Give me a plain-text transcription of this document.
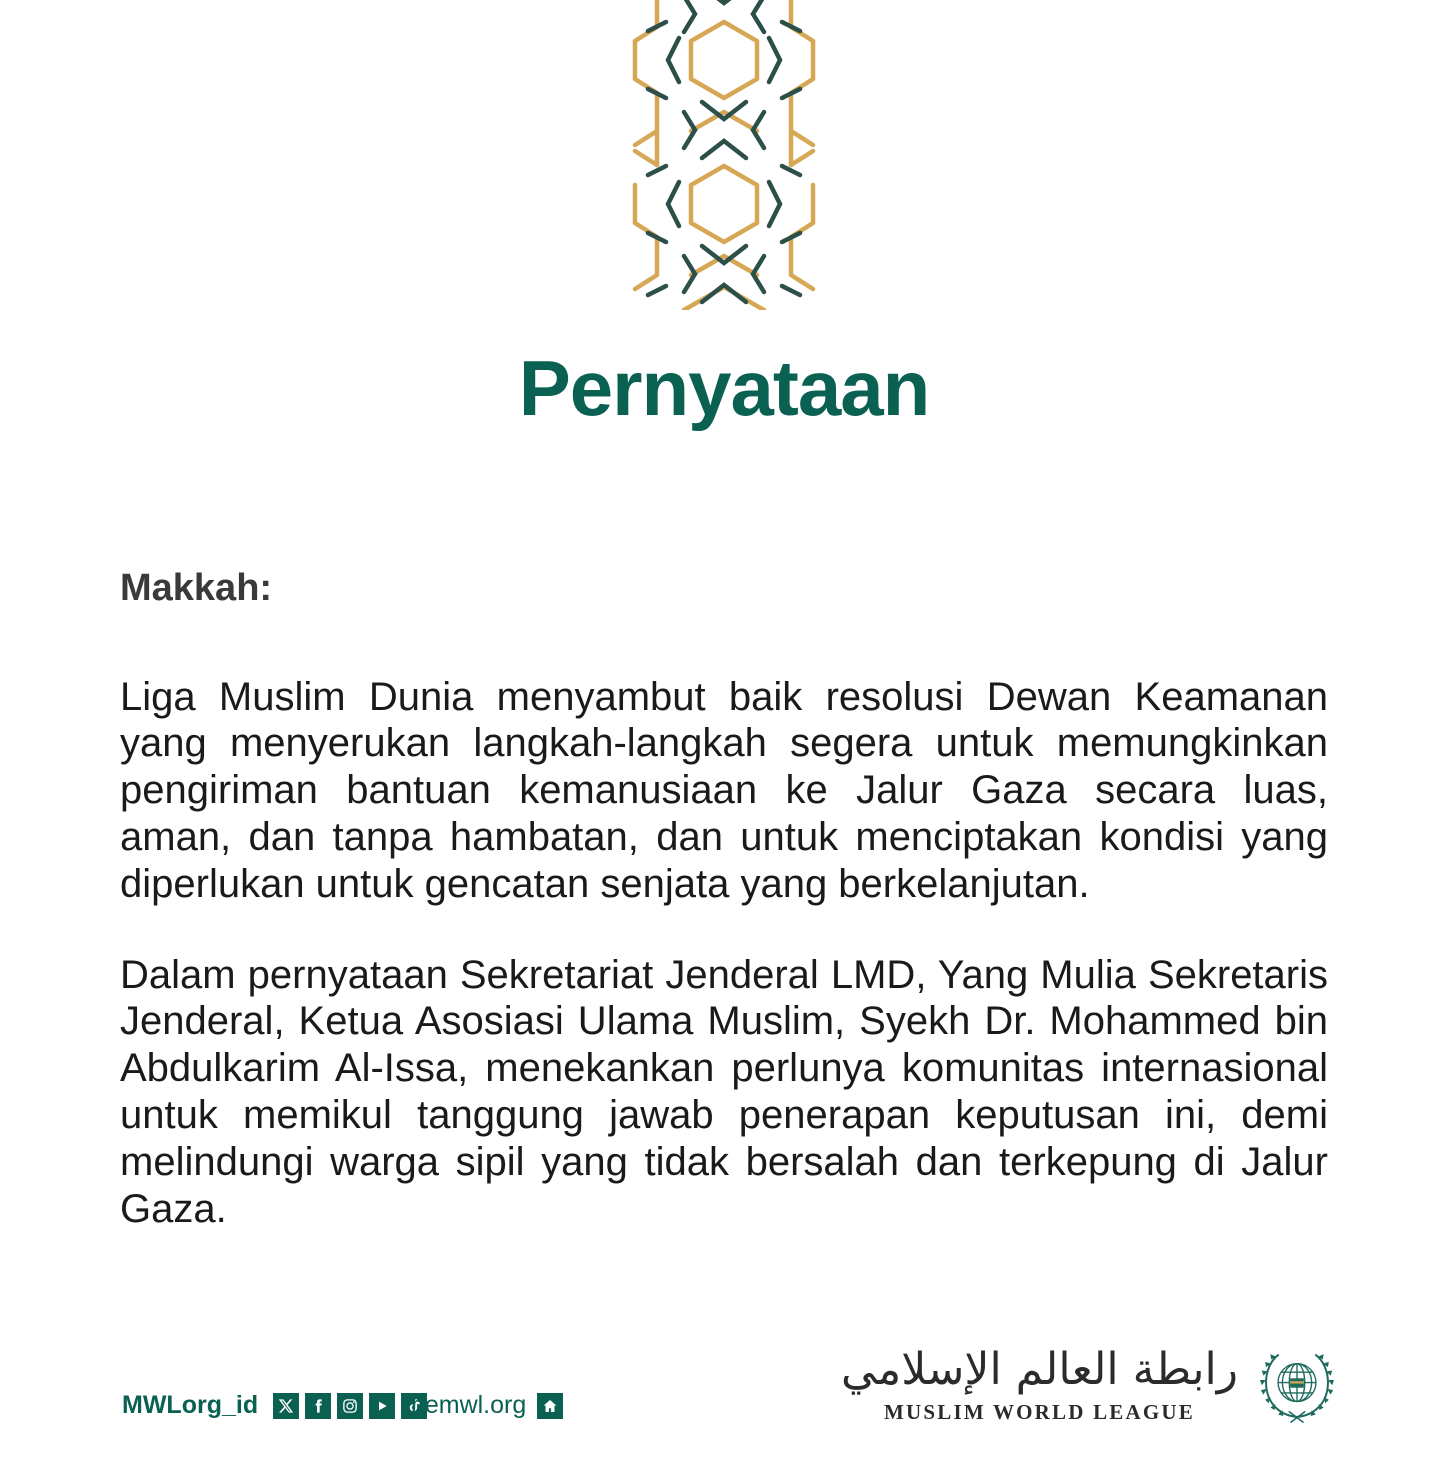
Pernyataan
Makkah:

Liga Muslim Dunia menyambut baik resolusi Dewan Keamanan yang menyerukan langkah-langkah segera untuk memungkinkan pengiriman bantuan kemanusiaan ke Jalur Gaza secara luas, aman, dan tanpa hambatan, dan untuk menciptakan kondisi yang diperlukan untuk gencatan senjata yang berkelanjutan.

Dalam pernyataan Sekretariat Jenderal LMD, Yang Mulia Sekretaris Jenderal, Ketua Asosiasi Ulama Muslim, Syekh Dr. Mohammed bin Abdulkarim Al-Issa, menekankan perlunya komunitas internasional untuk memikul tanggung jawab penerapan keputusan ini, demi melindungi warga sipil yang tidak bersalah dan terkepung di Jalur Gaza.

MWLorg_id	themwl.org
رابطة العالم الإسلامي
MUSLIM WORLD LEAGUE
